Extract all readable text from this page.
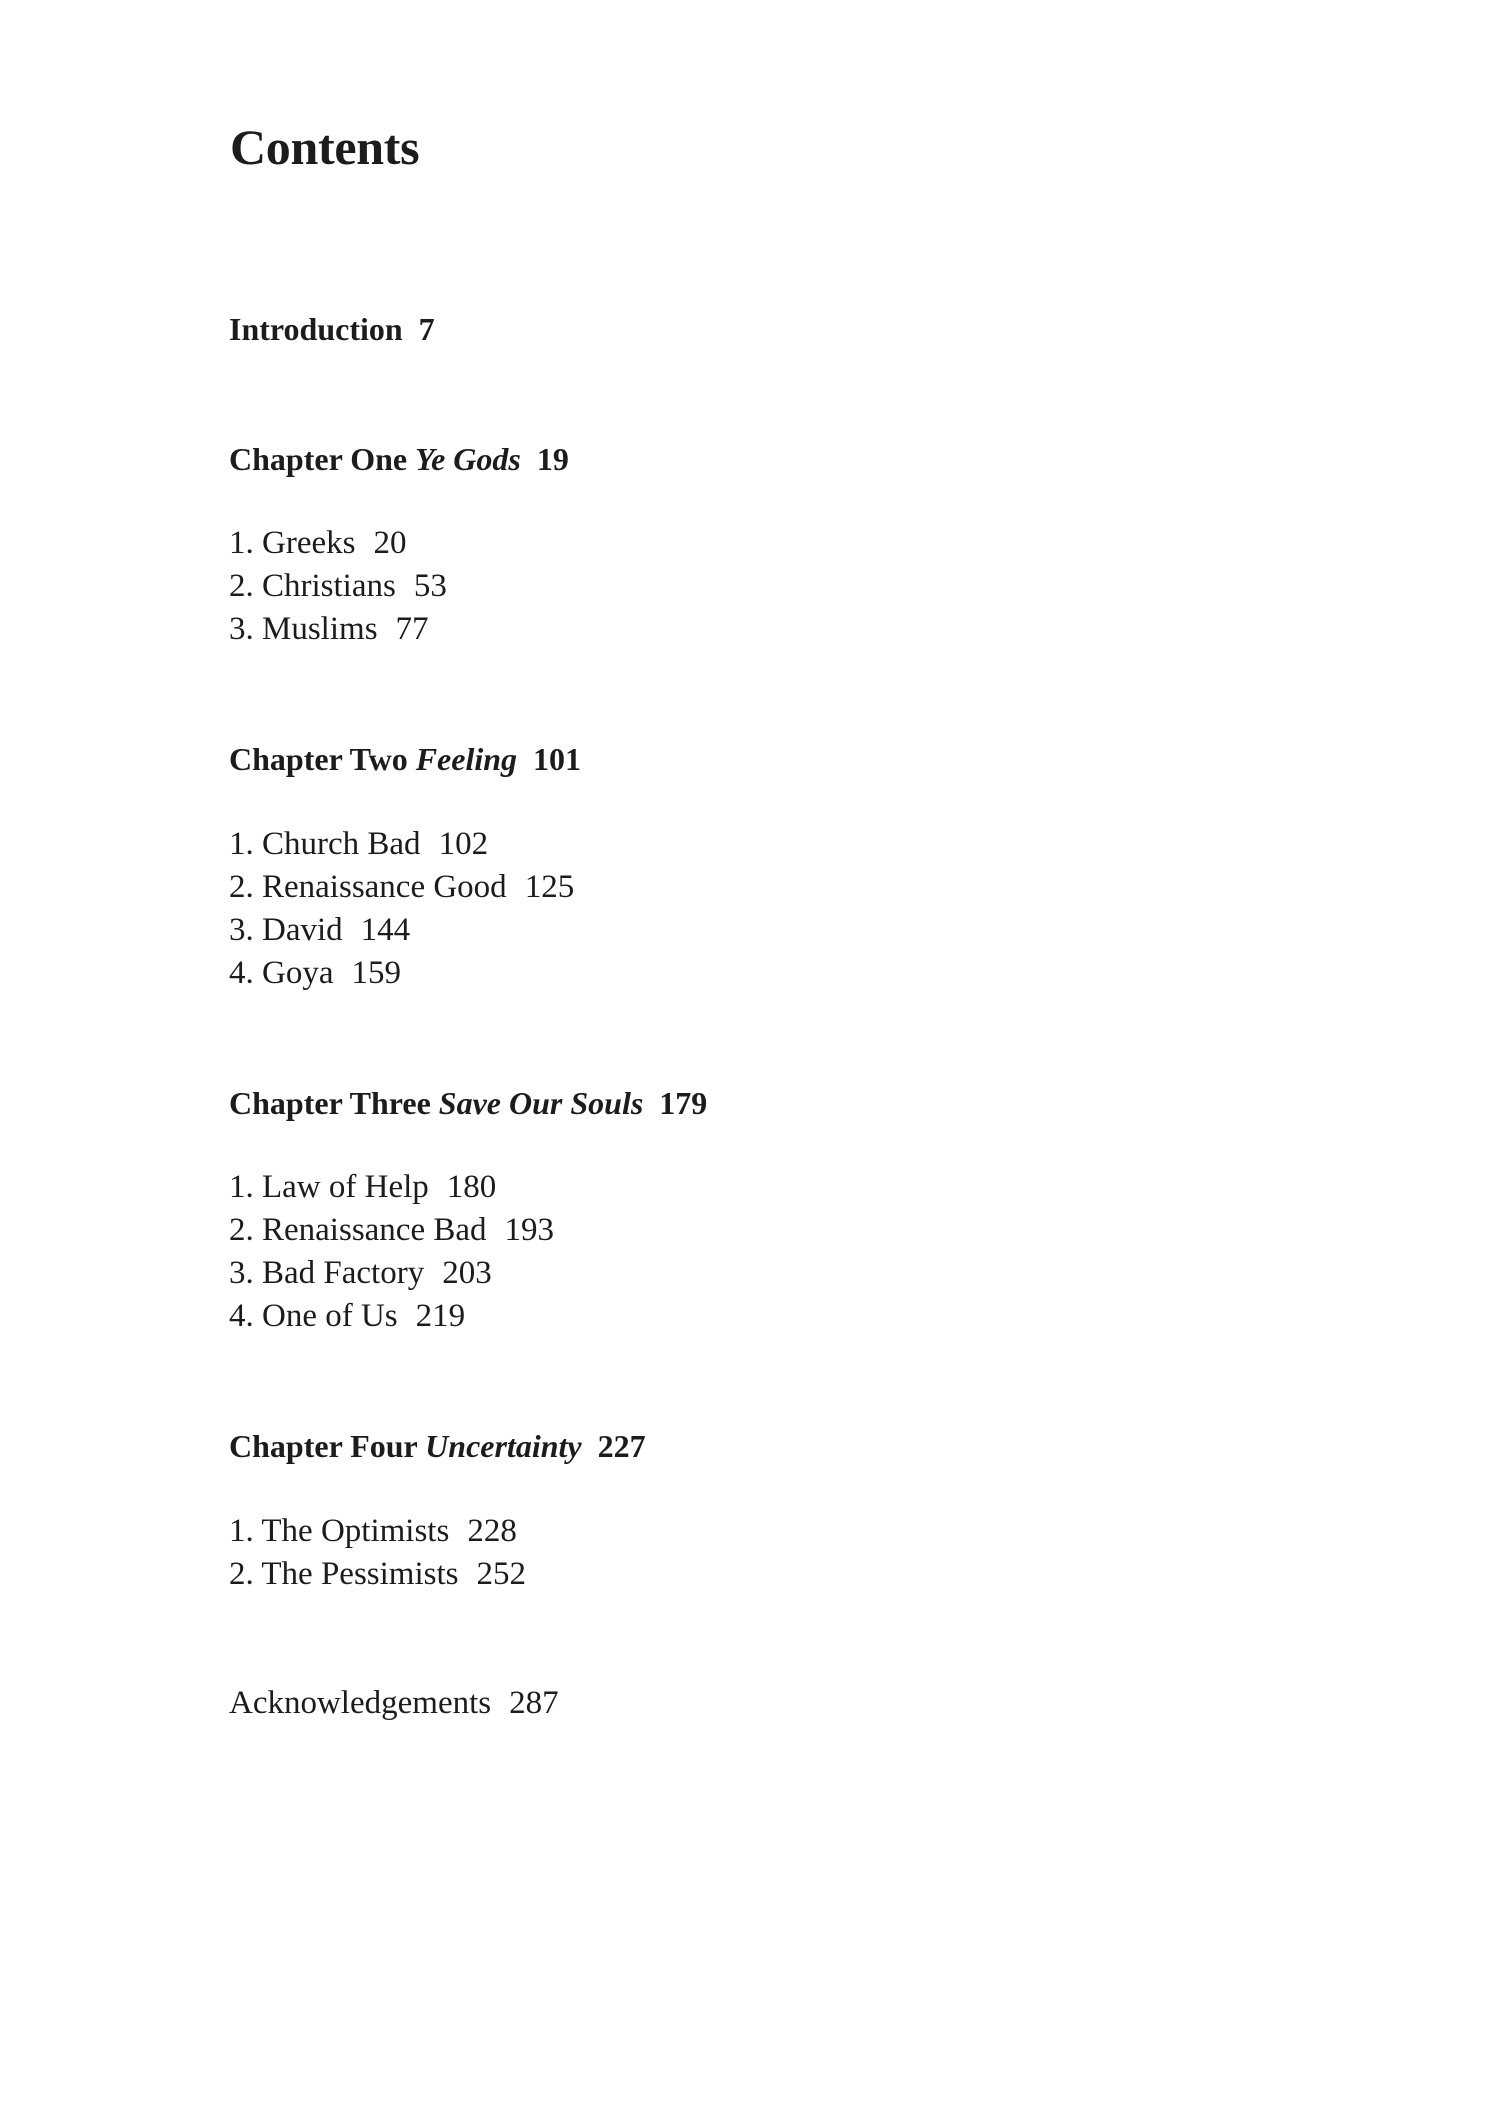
Contents
Introduction 7
Chapter One Ye Gods 19
1. Greeks 20
2. Christians 53
3. Muslims 77
Chapter Two Feeling 101
1. Church Bad 102
2. Renaissance Good 125
3. David 144
4. Goya 159
Chapter Three Save Our Souls 179
1. Law of Help 180
2. Renaissance Bad 193
3. Bad Factory 203
4. One of Us 219
Chapter Four Uncertainty 227
1. The Optimists 228
2. The Pessimists 252
Acknowledgements 287
